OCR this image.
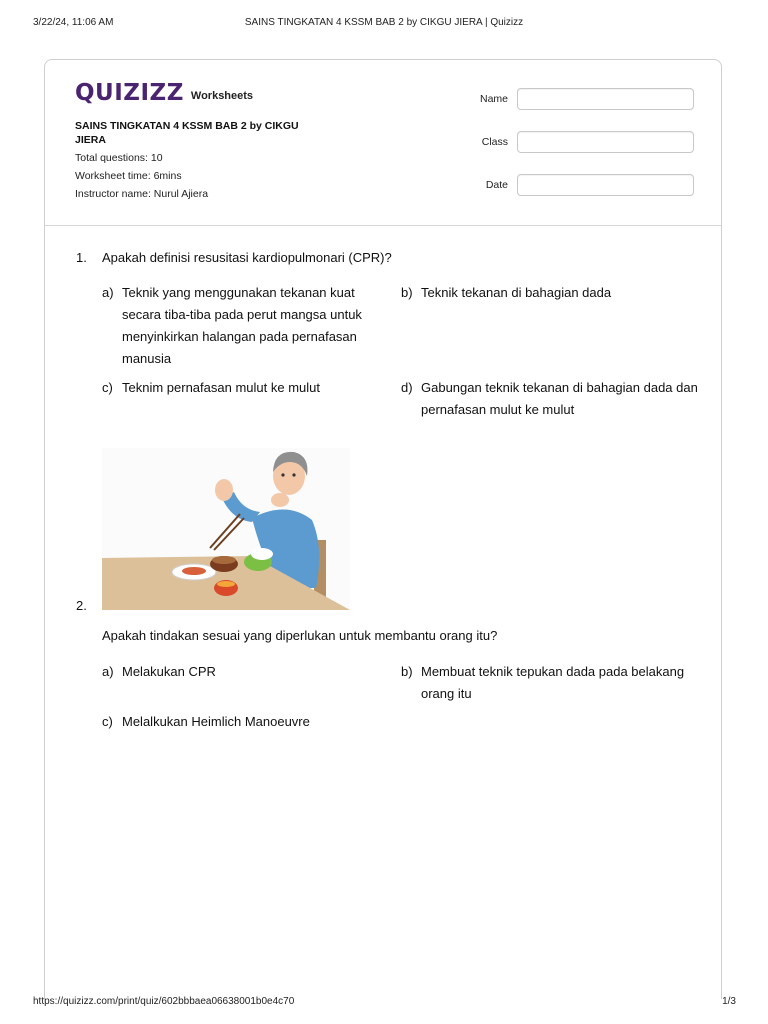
3/22/24, 11:06 AM	SAINS TINGKATAN 4 KSSM BAB 2 by CIKGU JIERA | Quizizz
QUIZIZZ Worksheets
SAINS TINGKATAN 4 KSSM BAB 2 by CIKGU JIERA
Total questions: 10
Worksheet time: 6mins
Instructor name: Nurul Ajiera
Name
Class
Date
1. Apakah definisi resusitasi kardiopulmonari (CPR)?
a) Teknik yang menggunakan tekanan kuat secara tiba-tiba pada perut mangsa untuk menyinkirkan halangan pada pernafasan manusia
b) Teknik tekanan di bahagian dada
c) Teknim pernafasan mulut ke mulut	d) Gabungan teknik tekanan di bahagian dada dan pernafasan mulut ke mulut
2.
Apakah tindakan sesuai yang diperlukan untuk membantu orang itu?
a) Melakukan CPR	b) Membuat teknik tepukan dada pada belakang orang itu
c) Melalkukan Heimlich Manoeuvre
https://quizizz.com/print/quiz/602bbbaea06638001b0e4c70	1/3
